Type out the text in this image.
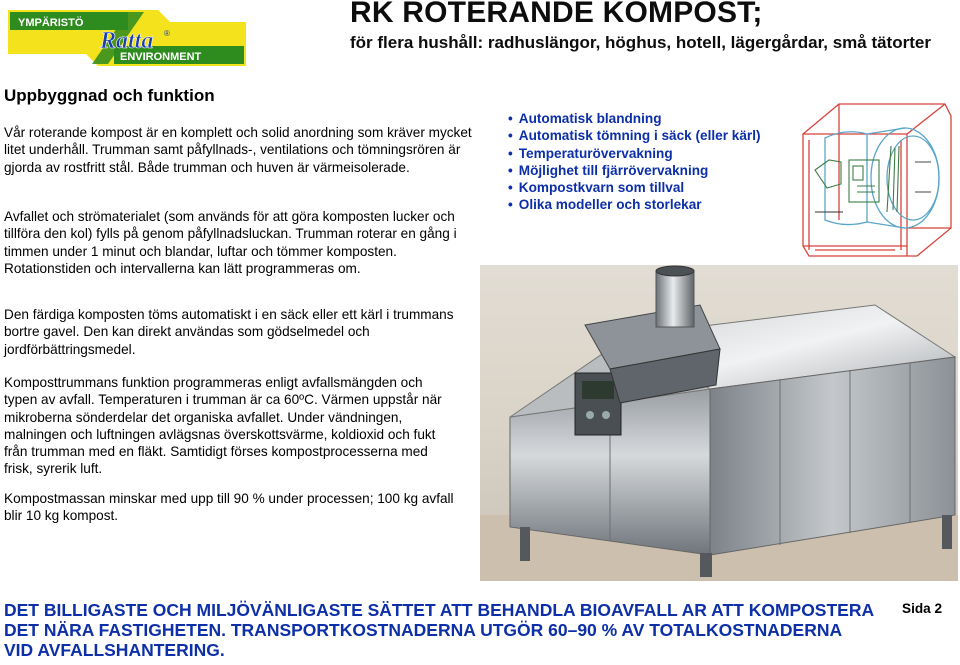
YMPÄRISTÖ
Ratta ®
ENVIRONMENT
RK ROTERANDE KOMPOST;
för flera hushåll: radhuslängor, höghus, hotell, lägergårdar, små tätorter
Uppbyggnad och funktion
Vår roterande kompost är en komplett och solid anordning som kräver mycket litet underhåll. Trumman samt påfyllnads-, ventilations och tömningsrören är gjorda av rostfritt stål. Både trumman och huven är värmeisolerade.
Avfallet och strömaterialet (som används för att göra komposten lucker och tillföra den kol) fylls på genom påfyllnadsluckan. Trumman roterar en gång i timmen under 1 minut och blandar, luftar och tömmer komposten. Rotationstiden och intervallerna kan lätt programmeras om.
Den färdiga komposten töms automatiskt i en säck eller ett kärl i trummans bortre gavel. Den kan direkt användas som gödselmedel och jordförbättringsmedel.
Komposttrummans funktion programmeras enligt avfallsmängden och typen av avfall. Temperaturen i trumman är ca 60ºC. Värmen uppstår när mikroberna sönderdelar det organiska avfallet. Under vändningen, malningen och luftningen avlägsnas överskottsvärme, koldioxid och fukt från trumman med en fläkt. Samtidigt förses kompostprocesserna med frisk, syrerik luft.
Kompostmassan minskar med upp till 90 % under processen; 100 kg avfall blir 10 kg kompost.
• Automatisk blandning
• Automatisk tömning i säck (eller kärl)
• Temperaturövervakning
• Möjlighet till fjärrövervakning
• Kompostkvarn som tillval
• Olika modeller och storlekar
DET BILLIGASTE OCH MILJÖVÄNLIGASTE SÄTTET ATT BEHANDLA BIOAVFALL AR ATT KOMPOSTERA DET NÄRA FASTIGHETEN. TRANSPORTKOSTNADERNA UTGÖR 60–90 % AV TOTALKOSTNADERNA VID AVFALLSHANTERING.
Sida 2
